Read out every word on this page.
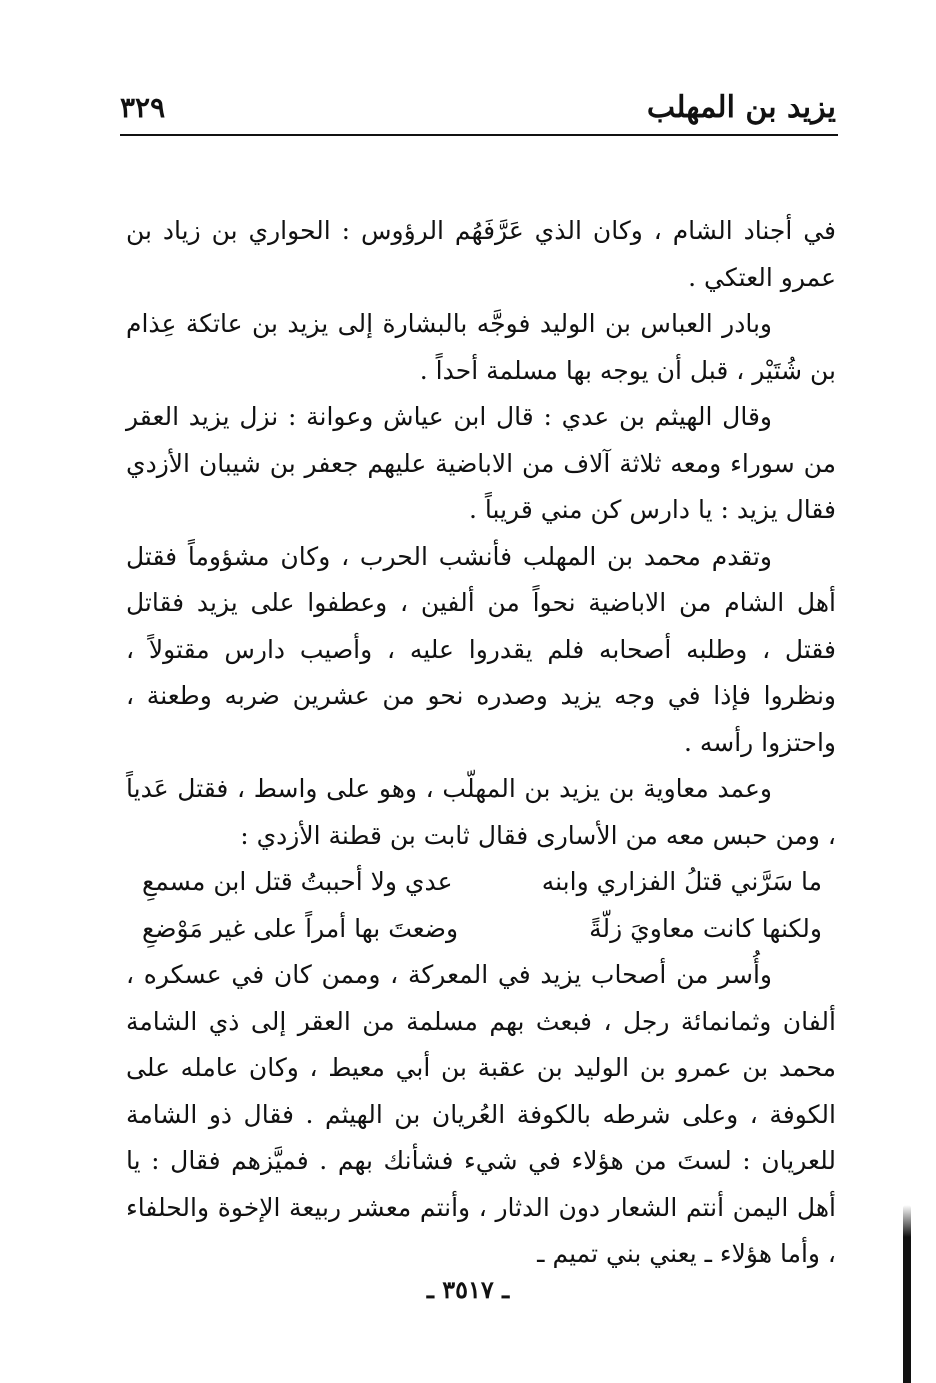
يزيد بن المهلب
٣٢٩

في أجناد الشام ، وكان الذي عَرَّفَهُم الرؤوس : الحواري بن زياد بن عمرو العتكي .

وبادر العباس بن الوليد فوجَّه بالبشارة إلى يزيد بن عاتكة عِذام بن شُتَيْر ، قبل أن يوجه بها مسلمة أحداً .

وقال الهيثم بن عدي : قال ابن عياش وعوانة : نزل يزيد العقر من سوراء ومعه ثلاثة آلاف من الاباضية عليهم جعفر بن شيبان الأزدي فقال يزيد : يا دارس كن مني قريباً .

وتقدم محمد بن المهلب فأنشب الحرب ، وكان مشؤوماً فقتل أهل الشام من الاباضية نحواً من ألفين ، وعطفوا على يزيد فقاتل فقتل ، وطلبه أصحابه فلم يقدروا عليه ، وأصيب دارس مقتولاً ، ونظروا فإذا في وجه يزيد وصدره نحو من عشرين ضربه وطعنة ، واحتزوا رأسه .

وعمد معاوية بن يزيد بن المهلّب ، وهو على واسط ، فقتل عَدياً ، ومن حبس معه من الأسارى فقال ثابت بن قطنة الأزدي :

ما سَرَّني قتلُ الفزاري وابنه
عدي ولا أحببتُ قتل ابن مسمعِ
ولكنها كانت معاويَ زلّةً
وضعتَ بها أمراً على غير مَوْضعِ

وأُسر من أصحاب يزيد في المعركة ، وممن كان في عسكره ، ألفان وثمانمائة رجل ، فبعث بهم مسلمة من العقر إلى ذي الشامة محمد بن عمرو بن الوليد بن عقبة بن أبي معيط ، وكان عامله على الكوفة ، وعلى شرطه بالكوفة العُريان بن الهيثم . فقال ذو الشامة للعريان : لستَ من هؤلاء في شيء فشأنك بهم . فميَّزهم فقال : يا أهل اليمن أنتم الشعار دون الدثار ، وأنتم معشر ربيعة الإخوة والحلفاء ، وأما هؤلاء ـ يعني بني تميم ـ

ـ ٣٥١٧ ـ
